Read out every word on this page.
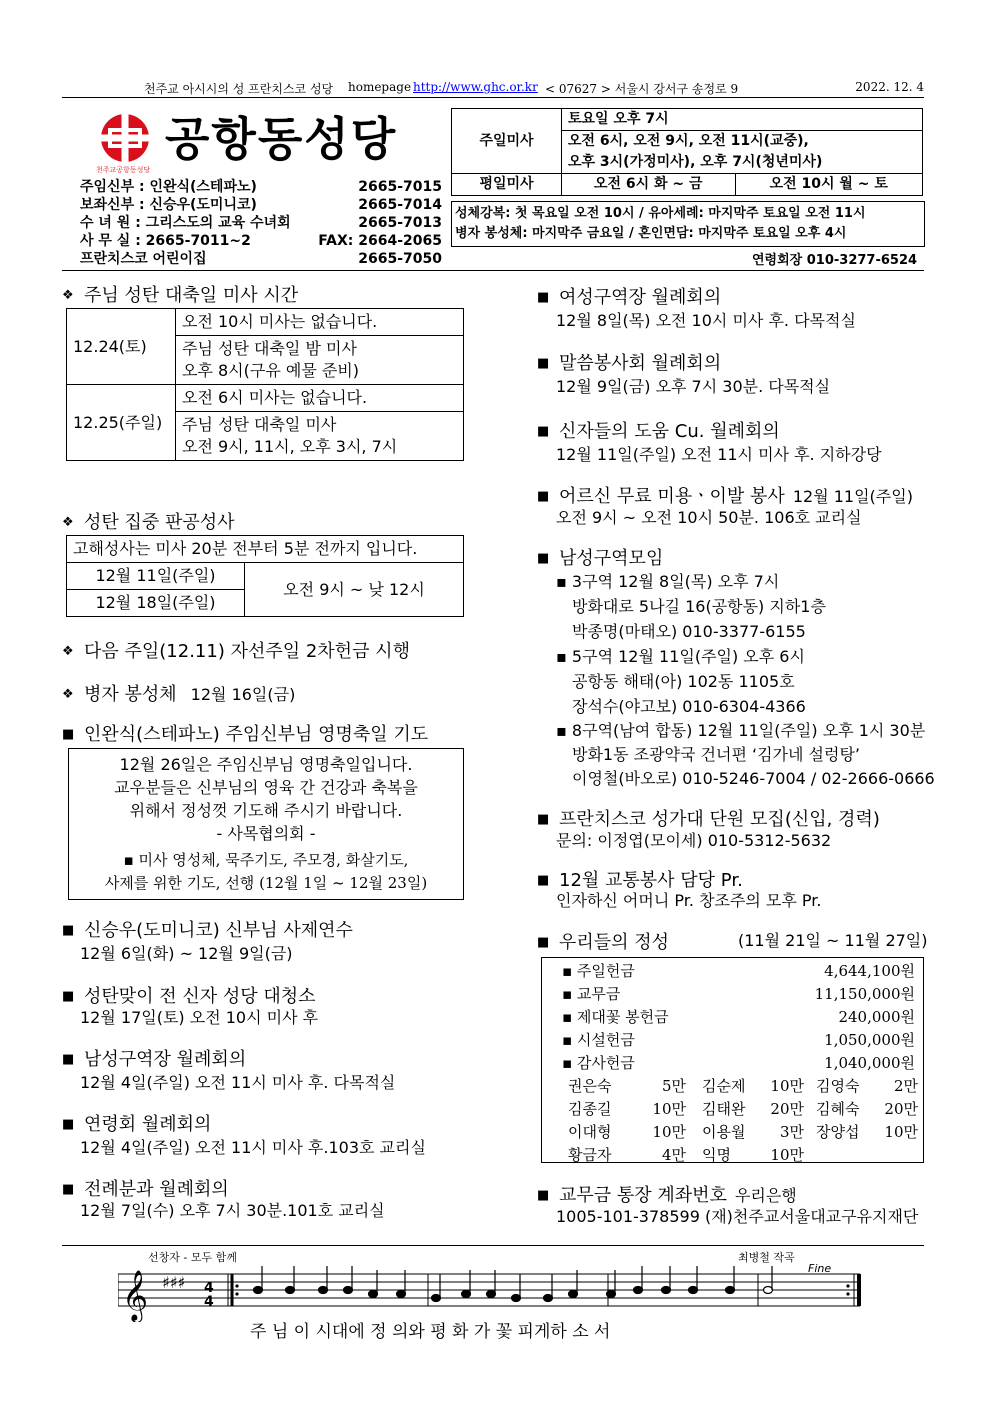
천주교 아시시의 성 프란치스코 성당 homepage http://www.ghc.or.kr < 07627 > 서울시 강서구 송정로 9	2022. 12. 4
천주교공항동성당
공항동성당
주임신부 : 인완식(스테파노)	2665-7015
보좌신부 : 신승우(도미니코)	2665-7014
수 녀 원 : 그리스도의 교육 수녀회	2665-7013
사 무 실 : 2665-7011~2	FAX: 2664-2065
프란치스코 어린이집	2665-7050
주일미사	토요일 오후 7시	
	오전 6시, 오전 9시, 오전 11시(교중),	
	오후 3시(가정미사), 오후 7시(청년미사)	
평일미사	오전 6시 화 ~ 금	오전 10시 월 ~ 토
성체강복: 첫 목요일 오전 10시 / 유아세례: 마지막주 토요일 오전 11시
병자 봉성체: 마지막주 금요일 / 혼인면담: 마지막주 토요일 오후 4시
연령회장 010-3277-6524
❖ 주님 성탄 대축일 미사 시간
12.24(토)	오전 10시 미사는 없습니다.

	주님 성탄 대축일 밤 미사
오후 8시(구유 예물 준비)

12.25(주일)	오전 6시 미사는 없습니다.

	주님 성탄 대축일 미사
오전 9시, 11시, 오후 3시, 7시
❖ 성탄 집중 판공성사
고해성사는 미사 20분 전부터 5분 전까지 입니다.
12월 11일(주일)	오전 9시 ~ 낮 12시
12월 18일(주일)
❖ 다음 주일(12.11) 자선주일 2차헌금 시행
❖ 병자 봉성체 12월 16일(금)
■ 인완식(스테파노) 주임신부님 영명축일 기도
12월 26일은 주임신부님 영명축일입니다.
교우분들은 신부님의 영육 간 건강과 축복을
위해서 정성껏 기도해 주시기 바랍니다.
- 사목협의회 -
▪ 미사 영성체, 묵주기도, 주모경, 화살기도,
사제를 위한 기도, 선행 (12월 1일 ~ 12월 23일)
■ 신승우(도미니코) 신부님 사제연수
12월 6일(화) ~ 12월 9일(금)
■ 성탄맞이 전 신자 성당 대청소
12월 17일(토) 오전 10시 미사 후
■ 남성구역장 월례회의
12월 4일(주일) 오전 11시 미사 후. 다목적실
■ 연령회 월례회의
12월 4일(주일) 오전 11시 미사 후.103호 교리실
■ 전례분과 월례회의
12월 7일(수) 오후 7시 30분.101호 교리실
■ 여성구역장 월례회의
12월 8일(목) 오전 10시 미사 후. 다목적실
■ 말씀봉사회 월례회의
12월 9일(금) 오후 7시 30분. 다목적실
■ 신자들의 도움 Cu. 월례회의
12월 11일(주일) 오전 11시 미사 후. 지하강당
■ 어르신 무료 미용ㆍ이발 봉사 12월 11일(주일)
오전 9시 ~ 오전 10시 50분. 106호 교리실
■ 남성구역모임
▪ 3구역 12월 8일(목) 오후 7시
방화대로 5나길 16(공항동) 지하1층
박종명(마태오) 010-3377-6155
▪ 5구역 12월 11일(주일) 오후 6시
공항동 해태(아) 102동 1105호
장석수(야고보) 010-6304-4366
▪ 8구역(남여 합동) 12월 11일(주일) 오후 1시 30분
방화1동 조광약국 건너편 ‘김가네 설렁탕’
이영철(바오로) 010-5246-7004 / 02-2666-0666
■ 프란치스코 성가대 단원 모집(신입, 경력)
문의: 이정엽(모이세) 010-5312-5632
■ 12월 교통봉사 담당 Pr.
인자하신 어머니 Pr. 창조주의 모후 Pr.
■ 우리들의 정성	(11월 21일 ~ 11월 27일)
▪ 주일헌금	4,644,100원
▪ 교무금	11,150,000원
▪ 제대꽃 봉헌금	240,000원
▪ 시설헌금	1,050,000원
▪ 감사헌금	1,040,000원
권은숙	5만	김순제	10만	김영숙	2만
김종길	10만	김태완	20만	김혜숙	20만
이대형	10만	이용월	3만	장양섭	10만
황금자	4만	익명	10만		
■ 교무금 통장 계좌번호 우리은행
1005-101-378599 (재)천주교서울대교구유지재단
선창자 - 모두 함께	최병철 작곡
Fine
𝄞 ♯♯♯ 4
4
주 님 이 시대에 정 의와 평 화 가 꽃 피게하 소 서
